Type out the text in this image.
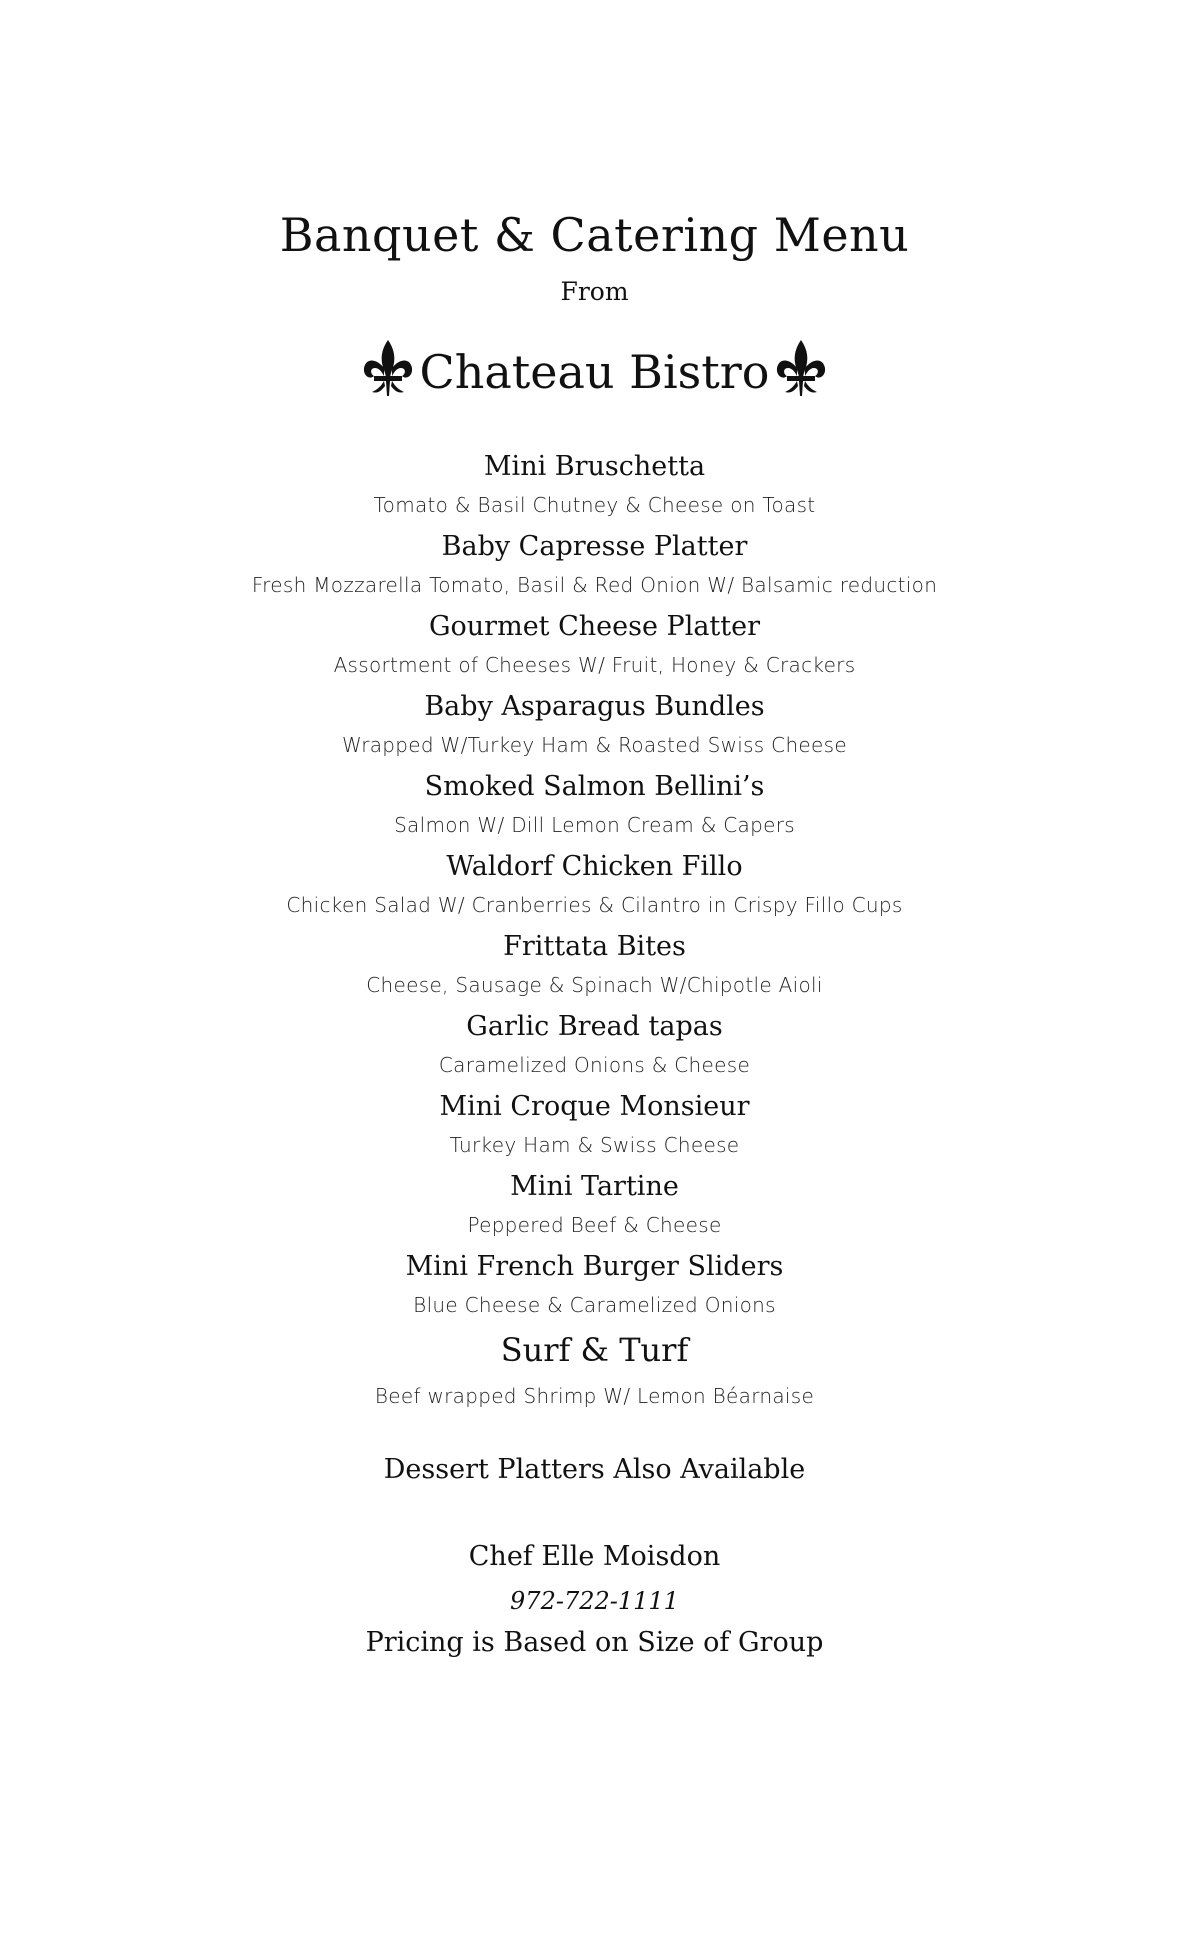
Banquet & Catering Menu
From
Chateau Bistro
Mini Bruschetta
Tomato & Basil Chutney & Cheese on Toast
Baby Capresse Platter
Fresh Mozzarella Tomato, Basil & Red Onion W/ Balsamic reduction
Gourmet Cheese Platter
Assortment of Cheeses W/ Fruit, Honey & Crackers
Baby Asparagus Bundles
Wrapped W/Turkey Ham & Roasted Swiss Cheese
Smoked Salmon Bellini’s
Salmon W/ Dill Lemon Cream & Capers
Waldorf Chicken Fillo
Chicken Salad W/ Cranberries & Cilantro in Crispy Fillo Cups
Frittata Bites
Cheese, Sausage & Spinach W/Chipotle Aioli
Garlic Bread tapas
Caramelized Onions & Cheese
Mini Croque Monsieur
Turkey Ham & Swiss Cheese
Mini Tartine
Peppered Beef & Cheese
Mini French Burger Sliders
Blue Cheese & Caramelized Onions
Surf & Turf
Beef wrapped Shrimp W/ Lemon Béarnaise
Dessert Platters Also Available
Chef Elle Moisdon
972-722-1111
Pricing is Based on Size of Group
